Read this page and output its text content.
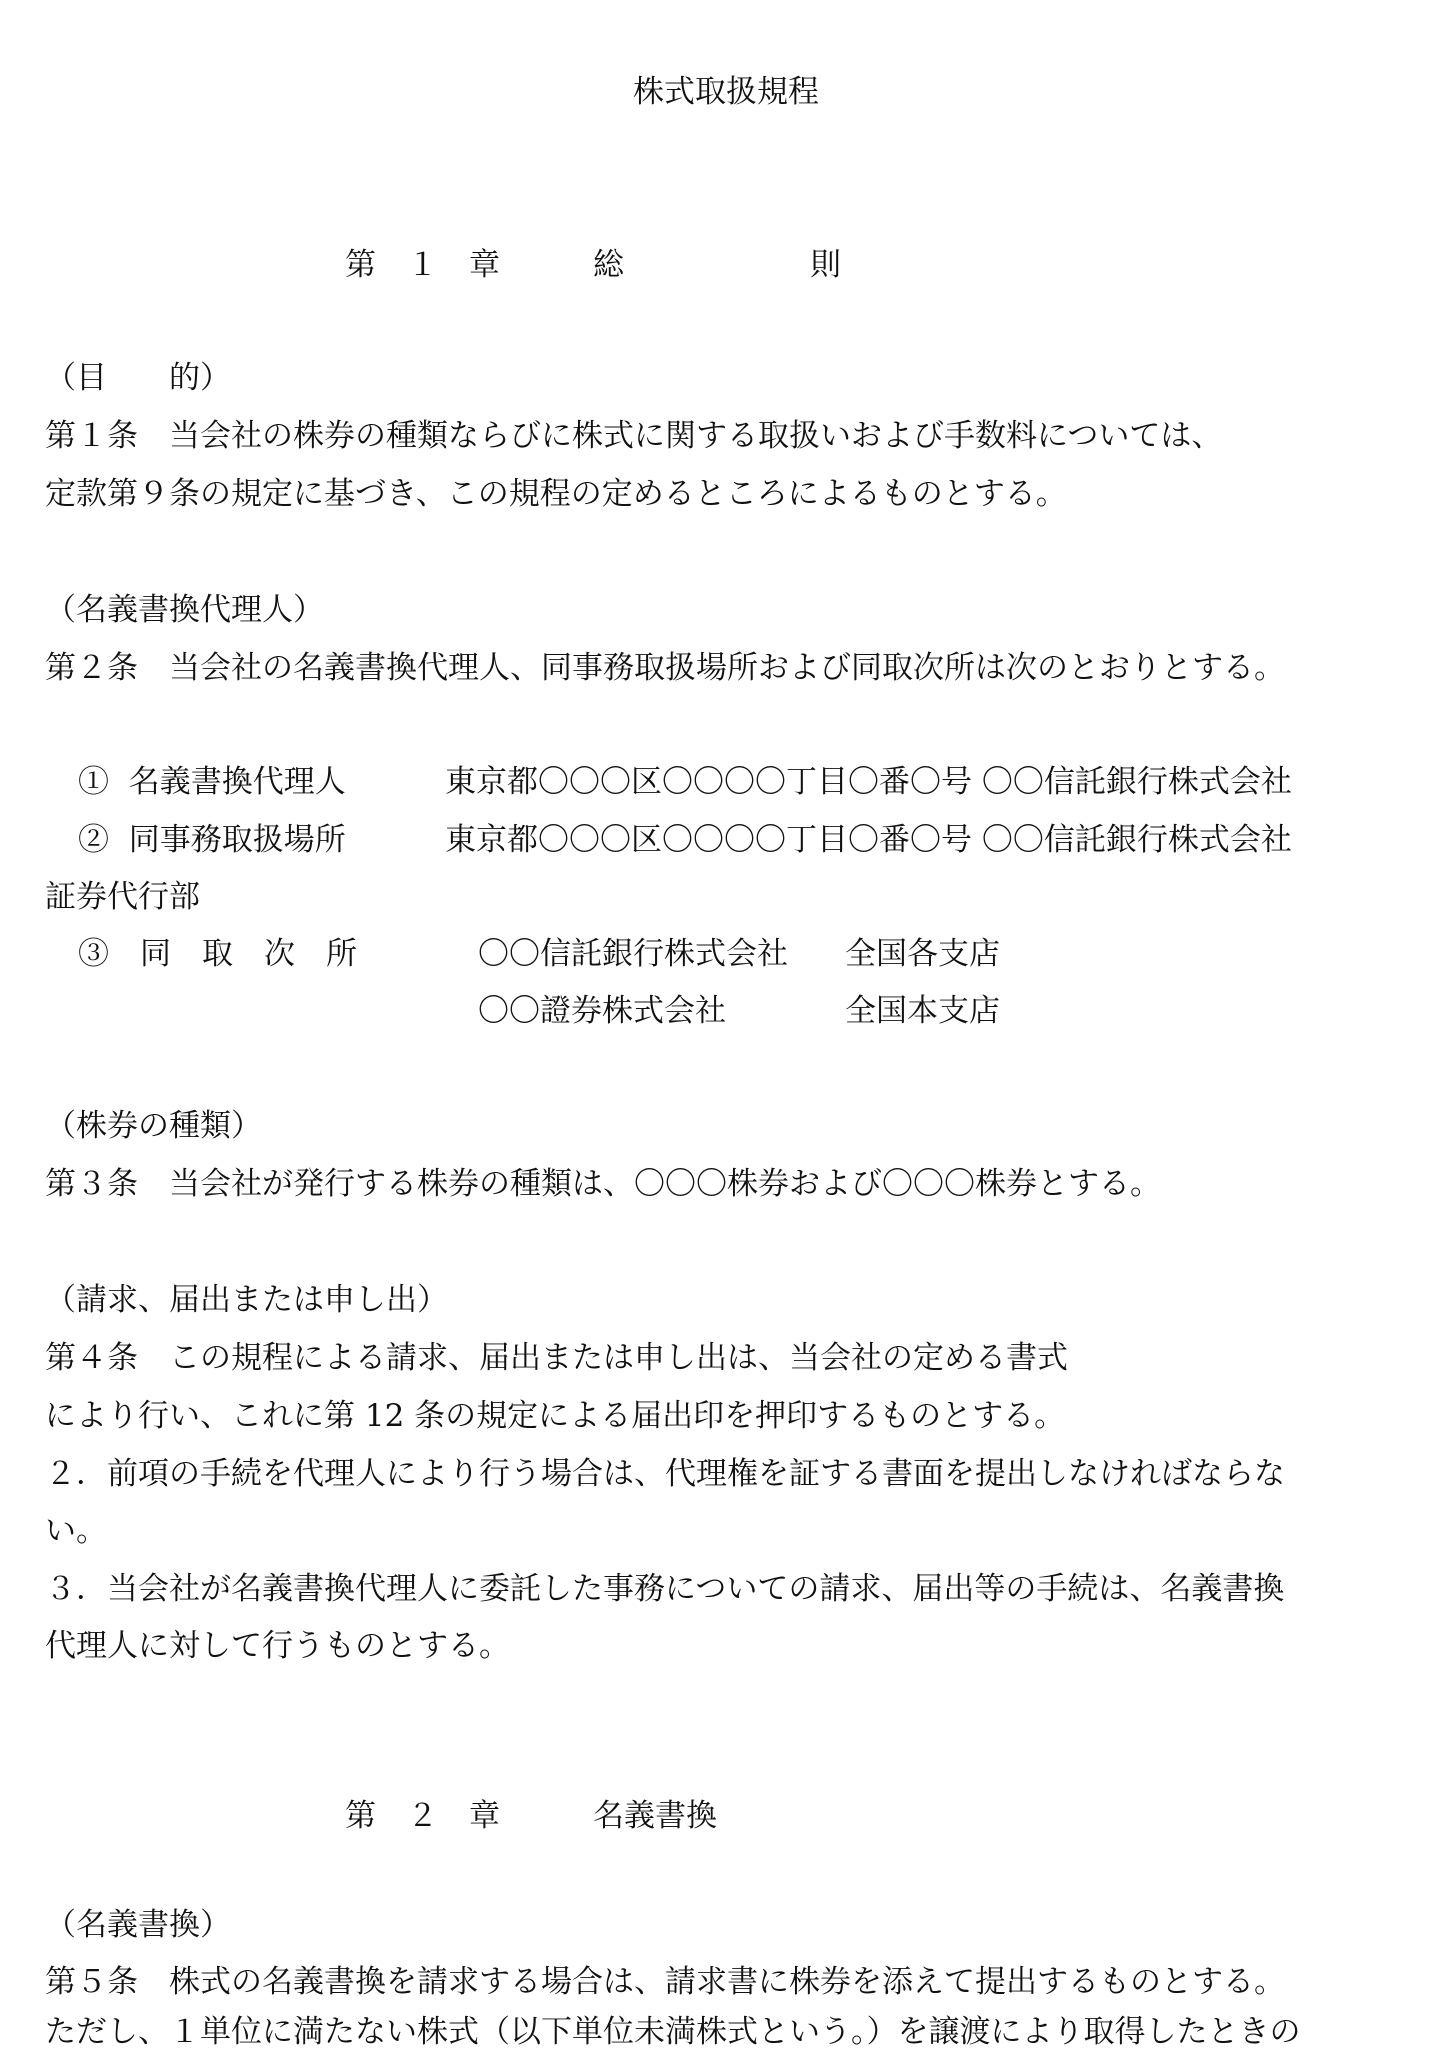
株式取扱規程
第　１　章　　　総　　　　　　則

（目　　的）

第１条　当会社の株券の種類ならびに株式に関する取扱いおよび手数料については、

定款第９条の規定に基づき、この規程の定めるところによるものとする。

（名義書換代理人）

第２条　当会社の名義書換代理人、同事務取扱場所および同取次所は次のとおりとする。

①  名義書換代理人	東京都〇〇〇区〇〇〇〇丁目〇番〇号 〇〇信託銀行株式会社
②  同事務取扱場所	東京都〇〇〇区〇〇〇〇丁目〇番〇号 〇〇信託銀行株式会社

証券代行部

③　同　取　次　所	〇〇信託銀行株式会社 全国各支店
〇〇證券株式会社	全国本支店

（株券の種類）

第３条　当会社が発行する株券の種類は、〇〇〇株券および〇〇〇株券とする。

（請求、届出または申し出）

第４条　この規程による請求、届出または申し出は、当会社の定める書式

により行い、これに第 12 条の規定による届出印を押印するものとする。

２．前項の手続を代理人により行う場合は、代理権を証する書面を提出しなければならな

い。

３．当会社が名義書換代理人に委託した事務についての請求、届出等の手続は、名義書換

代理人に対して行うものとする。

第　２　章　　　名義書換

（名義書換）

第５条　株式の名義書換を請求する場合は、請求書に株券を添えて提出するものとする。

ただし、１単位に満たない株式（以下単位未満株式という。）を譲渡により取得したときの
